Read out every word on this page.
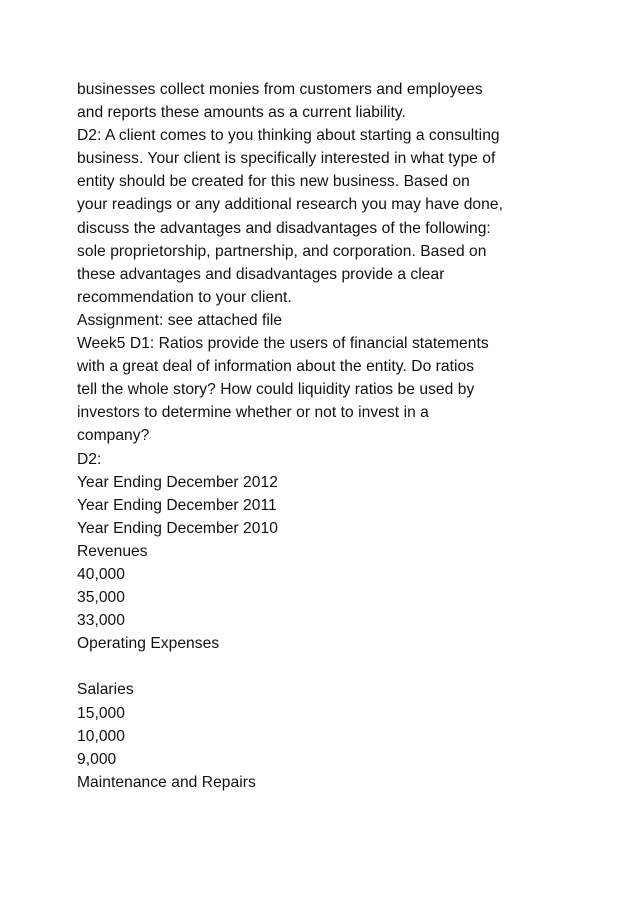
businesses collect monies from customers and employees
and reports these amounts as a current liability.
D2: A client comes to you thinking about starting a consulting
business. Your client is specifically interested in what type of
entity should be created for this new business. Based on
your readings or any additional research you may have done,
discuss the advantages and disadvantages of the following:
sole proprietorship, partnership, and corporation. Based on
these advantages and disadvantages provide a clear
recommendation to your client.
Assignment: see attached file
Week5 D1: Ratios provide the users of financial statements
with a great deal of information about the entity. Do ratios
tell the whole story? How could liquidity ratios be used by
investors to determine whether or not to invest in a
company?
D2:
Year Ending December 2012
Year Ending December 2011
Year Ending December 2010
Revenues
40,000
35,000
33,000
Operating Expenses
Salaries
15,000
10,000
9,000
Maintenance and Repairs
